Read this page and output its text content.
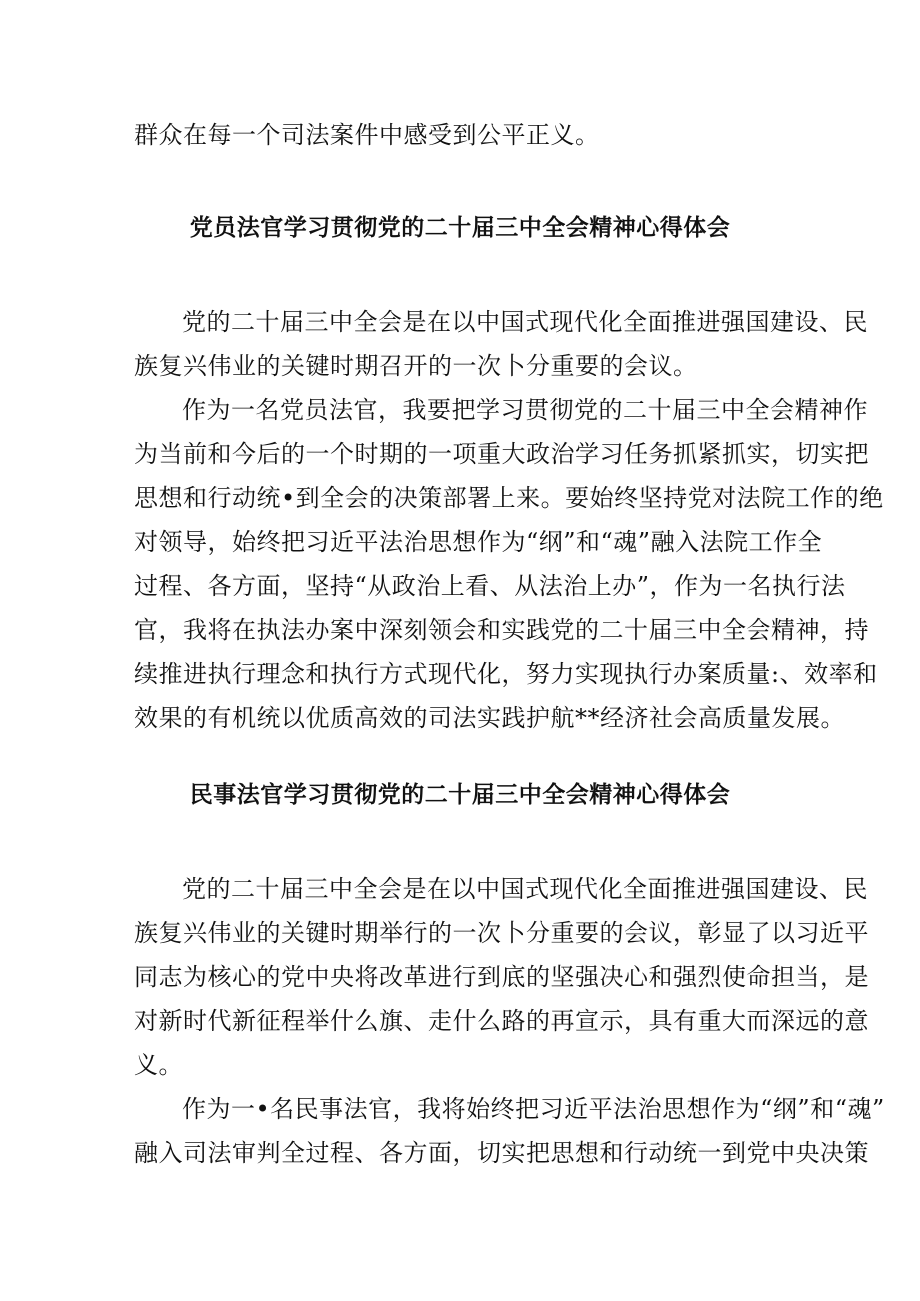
群众在每一个司法案件中感受到公平正义。
党员法官学习贯彻党的二十届三中全会精神心得体会
党的二十届三中全会是在以中国式现代化全面推进强国建设、民
族复兴伟业的关键时期召开的一次卜分重要的会议。
作为一名党员法官，我要把学习贯彻党的二十届三中全会精神作
为当前和今后的一个时期的一项重大政治学习任务抓紧抓实，切实把
思想和行动统•到全会的决策部署上来。要始终坚持党对法院工作的绝
对领导，始终把习近平法治思想作为“纲”和“魂”融入法院工作全
过程、各方面，坚持“从政治上看、从法治上办”，作为一名执行法
官，我将在执法办案中深刻领会和实践党的二十届三中全会精神，持
续推进执行理念和执行方式现代化，努力实现执行办案质量:、效率和
效果的有机统以优质高效的司法实践护航**经济社会高质量发展。
民事法官学习贯彻党的二十届三中全会精神心得体会
党的二十届三中全会是在以中国式现代化全面推进强国建设、民
族复兴伟业的关键时期举行的一次卜分重要的会议，彰显了以习近平
同志为核心的党中央将改革进行到底的坚强决心和强烈使命担当，是
对新时代新征程举什么旗、走什么路的再宣示，具有重大而深远的意
义。
作为一•名民事法官，我将始终把习近平法治思想作为“纲”和“魂”
融入司法审判全过程、各方面，切实把思想和行动统一到党中央决策
